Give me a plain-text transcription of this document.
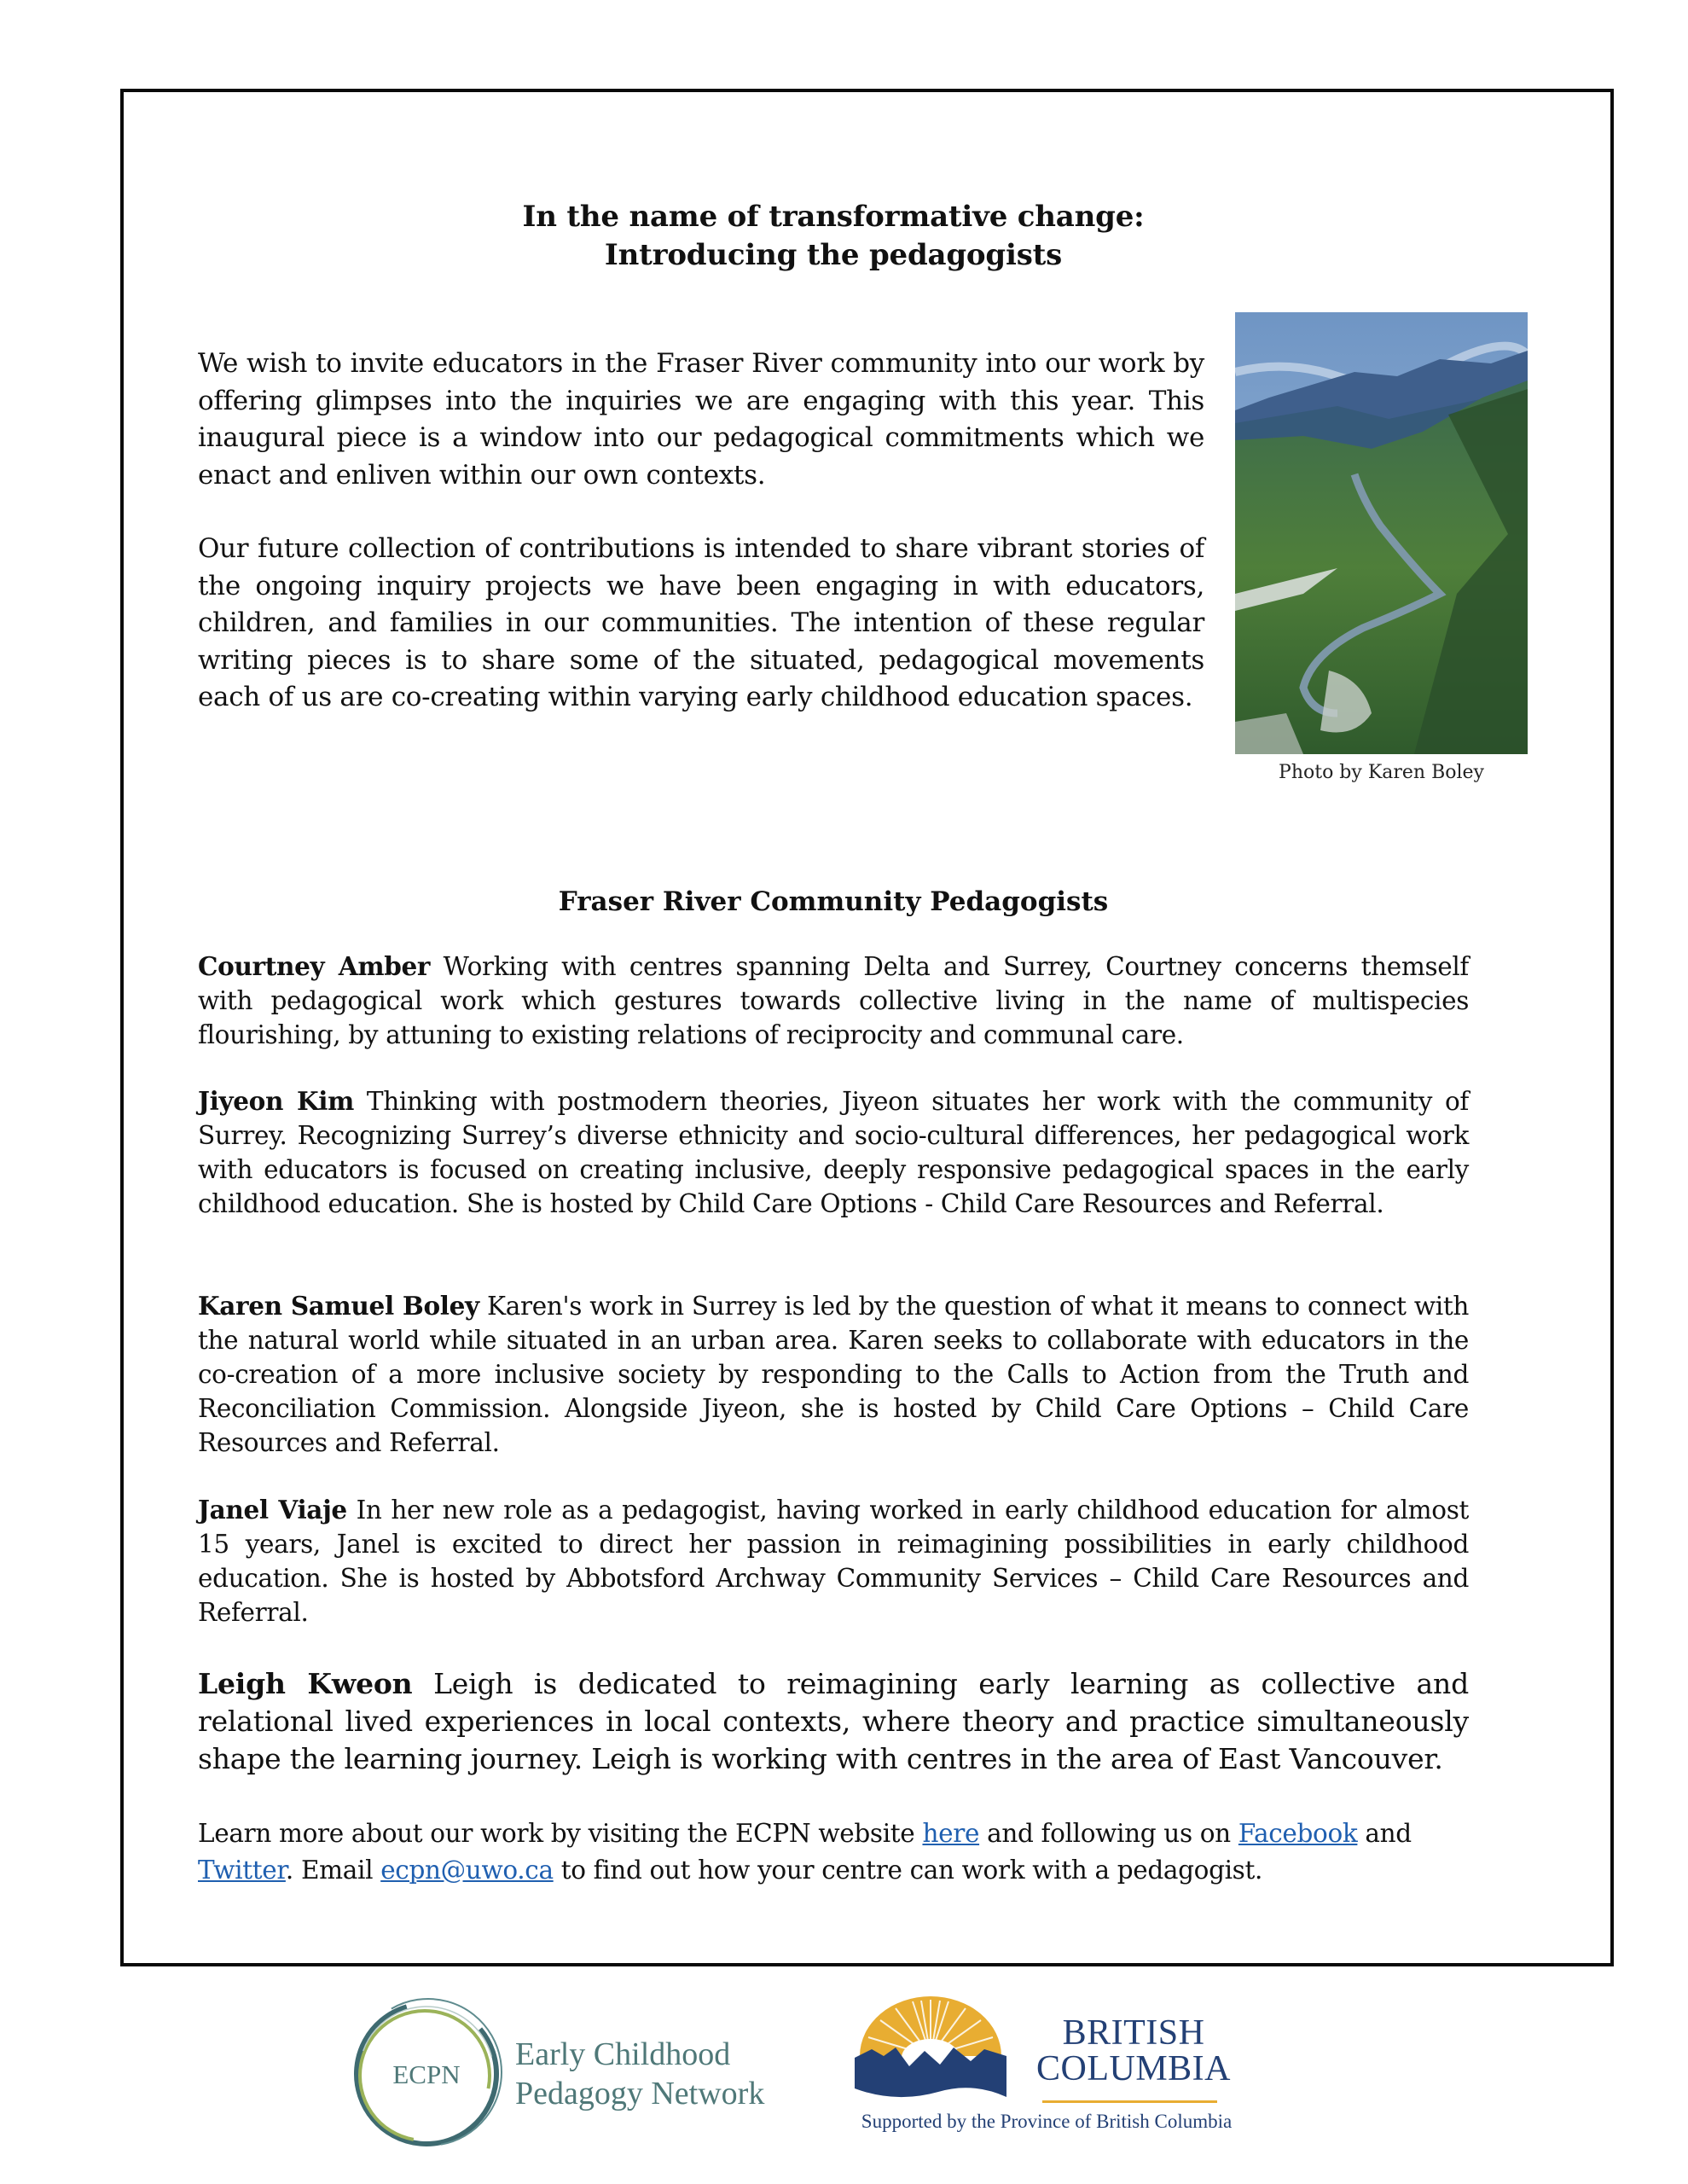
In the name of transformative change:
Introducing the pedagogists

We wish to invite educators in the Fraser River community into our work by offering glimpses into the inquiries we are engaging with this year. This inaugural piece is a window into our pedagogical commitments which we enact and enliven within our own contexts.

Our future collection of contributions is intended to share vibrant stories of the ongoing inquiry projects we have been engaging in with educators, children, and families in our communities. The intention of these regular writing pieces is to share some of the situated, pedagogical movements each of us are co-creating within varying early childhood education spaces.

Photo by Karen Boley
Fraser River Community Pedagogists

Courtney Amber Working with centres spanning Delta and Surrey, Courtney concerns themself with pedagogical work which gestures towards collective living in the name of multispecies flourishing, by attuning to existing relations of reciprocity and communal care.

Jiyeon Kim Thinking with postmodern theories, Jiyeon situates her work with the community of Surrey. Recognizing Surrey’s diverse ethnicity and socio-cultural differences, her pedagogical work with educators is focused on creating inclusive, deeply responsive pedagogical spaces in the early childhood education. She is hosted by Child Care Options - Child Care Resources and Referral.

Karen Samuel Boley Karen's work in Surrey is led by the question of what it means to connect with the natural world while situated in an urban area. Karen seeks to collaborate with educators in the co-creation of a more inclusive society by responding to the Calls to Action from the Truth and Reconciliation Commission. Alongside Jiyeon, she is hosted by Child Care Options – Child Care Resources and Referral.

Janel Viaje In her new role as a pedagogist, having worked in early childhood education for almost 15 years, Janel is excited to direct her passion in reimagining possibilities in early childhood education. She is hosted by Abbotsford Archway Community Services – Child Care Resources and Referral.

Leigh Kweon Leigh is dedicated to reimagining early learning as collective and relational lived experiences in local contexts, where theory and practice simultaneously shape the learning journey. Leigh is working with centres in the area of East Vancouver.

Learn more about our work by visiting the ECPN website here and following us on Facebook and Twitter. Email ecpn@uwo.ca to find out how your centre can work with a pedagogist.

ECPN
Early Childhood
Pedagogy Network
BRITISH
COLUMBIA
Supported by the Province of British Columbia
